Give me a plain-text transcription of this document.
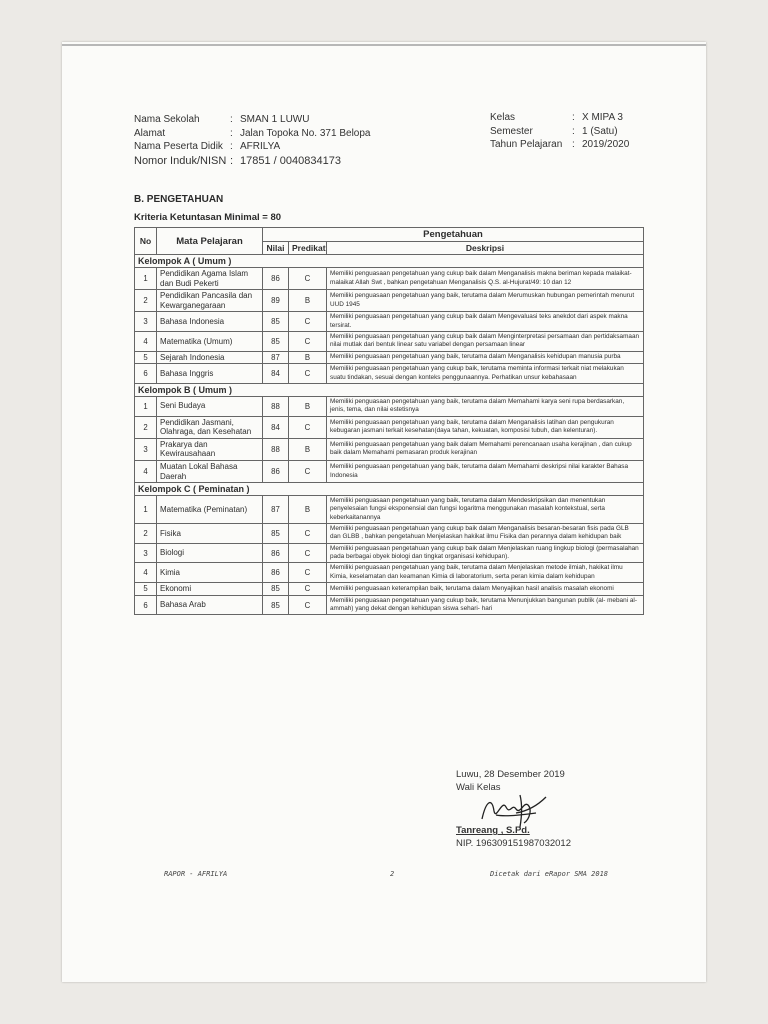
Nama Sekolah	: SMAN 1 LUWU
Alamat	: Jalan Topoka No. 371 Belopa
Nama Peserta Didik : AFRILYA
Nomor Induk/NISN : 17851 / 0040834173
Kelas	: X MIPA 3
Semester	: 1 (Satu)
Tahun Pelajaran : 2019/2020
B. PENGETAHUAN
Kriteria Ketuntasan Minimal = 80
No	Mata Pelajaran	Pengetahuan		
		Nilai	Predikat	Deskripsi
Kelompok A ( Umum )				
1	Pendidikan Agama Islam dan Budi Pekerti	86	C	Memiliki penguasaan pengetahuan yang cukup baik dalam Menganalisis makna beriman kepada malaikat-malaikat Allah Swt , bahkan pengetahuan Menganalisis Q.S. al-Hujurat/49: 10 dan 12
2	Pendidikan Pancasila dan Kewarganegaraan	89	B	Memiliki penguasaan pengetahuan yang baik, terutama dalam Merumuskan hubungan pemerintah menurut UUD 1945
3	Bahasa Indonesia	85	C	Memiliki penguasaan pengetahuan yang cukup baik dalam Mengevaluasi teks anekdot dari aspek makna tersirat.
4	Matematika (Umum)	85	C	Memiliki penguasaan pengetahuan yang cukup baik dalam Menginterpretasi persamaan dan pertidaksamaan nilai mutlak dari bentuk linear satu variabel dengan persamaan linear
5	Sejarah Indonesia	87	B	Memiliki penguasaan pengetahuan yang baik, terutama dalam Menganalisis kehidupan manusia purba
6	Bahasa Inggris	84	C	Memiliki penguasaan pengetahuan yang cukup baik, terutama meminta informasi terkait niat melakukan suatu tindakan, sesuai dengan konteks penggunaannya. Perhatikan unsur kebahasaan
Kelompok B ( Umum )				
1	Seni Budaya	88	B	Memiliki penguasaan pengetahuan yang baik, terutama dalam Memahami karya seni rupa berdasarkan, jenis, tema, dan nilai estetisnya
2	Pendidikan Jasmani, Olahraga, dan Kesehatan	84	C	Memiliki penguasaan pengetahuan yang baik, terutama dalam Menganalisis latihan dan pengukuran kebugaran jasmani terkait kesehatan(daya tahan, kekuatan, komposisi tubuh, dan kelenturan).
3	Prakarya dan Kewirausahaan	88	B	Memiliki penguasaan pengetahuan yang baik dalam Memahami perencanaan usaha kerajinan , dan cukup baik dalam Memahami pemasaran produk kerajinan
4	Muatan Lokal Bahasa Daerah	86	C	Memiliki penguasaan pengetahuan yang baik, terutama dalam Memahami deskripsi nilai karakter Bahasa Indonesia
Kelompok C ( Peminatan )				
1	Matematika (Peminatan)	87	B	Memiliki penguasaan pengetahuan yang baik, terutama dalam Mendeskripsikan dan menentukan penyelesaian fungsi eksponensial dan fungsi logaritma menggunakan masalah kontekstual, serta keberkaitanannya
2	Fisika	85	C	Memiliki penguasaan pengetahuan yang cukup baik dalam Menganalisis besaran-besaran fisis pada GLB dan GLBB , bahkan pengetahuan Menjelaskan hakikat ilmu Fisika dan perannya dalam kehidupan baik
3	Biologi	86	C	Memiliki penguasaan pengetahuan yang cukup baik dalam Menjelaskan ruang lingkup biologi (permasalahan pada berbagai obyek biologi dan tingkat organisasi kehidupan).
4	Kimia	86	C	Memiliki penguasaan pengetahuan yang baik, terutama dalam Menjelaskan metode ilmiah, hakikat ilmu Kimia, keselamatan dan keamanan Kimia di laboratorium, serta peran kimia dalam kehidupan
5	Ekonomi	85	C	Memiliki penguasaan keterampilan baik, terutama dalam Menyajikan hasil analisis masalah ekonomi
6	Bahasa Arab	85	C	Memiliki penguasaan pengetahuan yang cukup baik, terutama Menunjukkan bangunan publik (al- mebani al- ammah) yang dekat dengan kehidupan siswa sehari- hari
Luwu, 28 Desember 2019
Wali Kelas
Tanreang , S.Pd.
NIP. 196309151987032012
RAPOR - AFRILYA	2	Dicetak dari eRapor SMA 2018
